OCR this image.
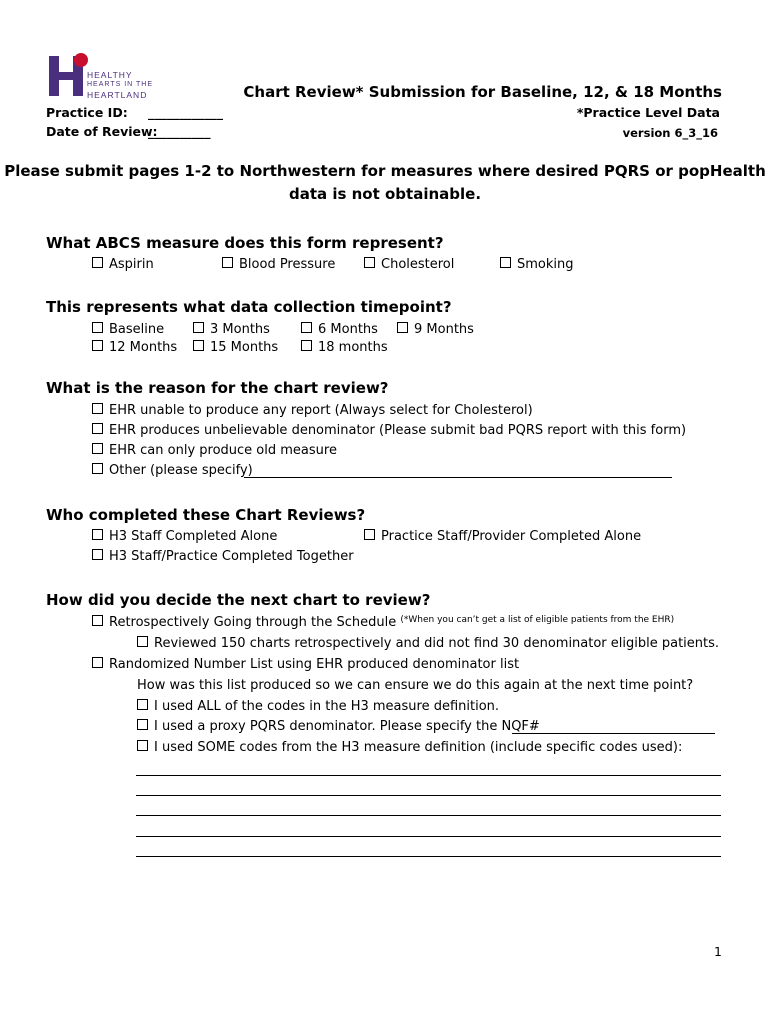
HEALTHY
HEARTS IN THE
HEARTLAND	Chart Review* Submission for Baseline, 12, & 18 Months
Practice ID: ____________	*Practice Level Data
Date of Review:
__________	version 6_3_16
Please submit pages 1-2 to Northwestern for measures where desired PQRS or popHealth
data is not obtainable.
What ABCS measure does this form represent?
Aspirin	Blood Pressure	Cholesterol	Smoking
This represents what data collection timepoint?
Baseline	3 Months	6 Months	9 Months
12 Months	15 Months	18 months
What is the reason for the chart review?
EHR unable to produce any report (Always select for Cholesterol)
EHR produces unbelievable denominator (Please submit bad PQRS report with this form)
EHR can only produce old measure
Other (please specify)
Who completed these Chart Reviews?
H3 Staff Completed Alone	Practice Staff/Provider Completed Alone
H3 Staff/Practice Completed Together
How did you decide the next chart to review?
Retrospectively Going through the Schedule $^{(*When you can’t get a list of eligible patients from the EHR)}$
Reviewed 150 charts retrospectively and did not find 30 denominator eligible patients.
Randomized Number List using EHR produced denominator list
How was this list produced so we can ensure we do this again at the next time point?
I used ALL of the codes in the H3 measure definition.
I used a proxy PQRS denominator. Please specify the NQF#
I used SOME codes from the H3 measure definition (include specific codes used):
1
